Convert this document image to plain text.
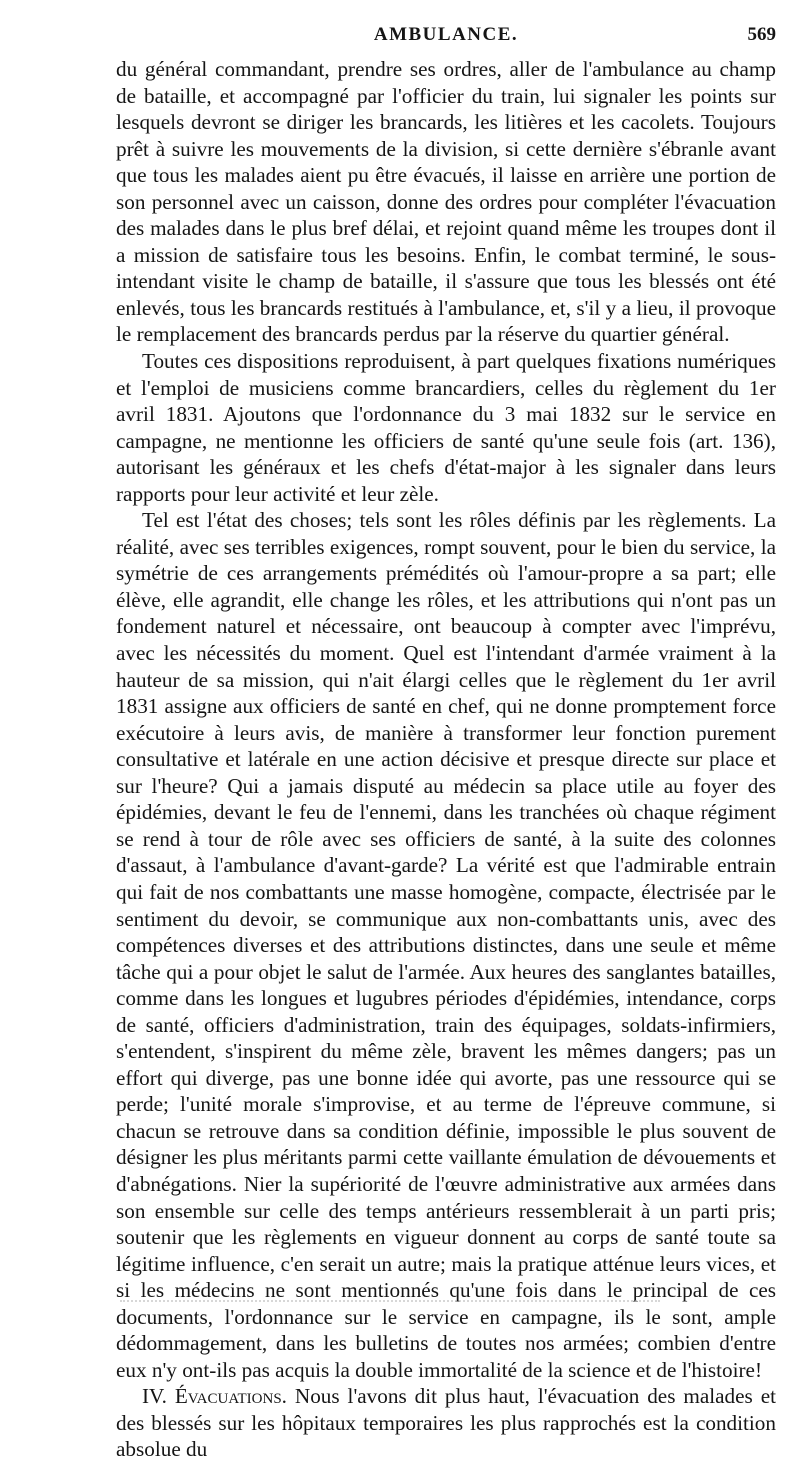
AMBULANCE.	569

du général commandant, prendre ses ordres, aller de l'ambulance au champ de bataille, et accompagné par l'officier du train, lui signaler les points sur lesquels devront se diriger les brancards, les litières et les cacolets. Toujours prêt à suivre les mouvements de la division, si cette dernière s'ébranle avant que tous les malades aient pu être évacués, il laisse en arrière une portion de son personnel avec un caisson, donne des ordres pour compléter l'évacuation des malades dans le plus bref délai, et rejoint quand même les troupes dont il a mission de satisfaire tous les besoins. Enfin, le combat terminé, le sous-intendant visite le champ de bataille, il s'assure que tous les blessés ont été enlevés, tous les brancards restitués à l'ambulance, et, s'il y a lieu, il provoque le remplacement des brancards perdus par la réserve du quartier général.

Toutes ces dispositions reproduisent, à part quelques fixations numériques et l'emploi de musiciens comme brancardiers, celles du règlement du 1er avril 1831. Ajoutons que l'ordonnance du 3 mai 1832 sur le service en campagne, ne mentionne les officiers de santé qu'une seule fois (art. 136), autorisant les généraux et les chefs d'état-major à les signaler dans leurs rapports pour leur activité et leur zèle.

Tel est l'état des choses; tels sont les rôles définis par les règlements. La réalité, avec ses terribles exigences, rompt souvent, pour le bien du service, la symétrie de ces arrangements prémédités où l'amour-propre a sa part; elle élève, elle agrandit, elle change les rôles, et les attributions qui n'ont pas un fondement naturel et nécessaire, ont beaucoup à compter avec l'imprévu, avec les nécessités du moment. Quel est l'intendant d'armée vraiment à la hauteur de sa mission, qui n'ait élargi celles que le règlement du 1er avril 1831 assigne aux officiers de santé en chef, qui ne donne promptement force exécutoire à leurs avis, de manière à transformer leur fonction purement consultative et latérale en une action décisive et presque directe sur place et sur l'heure? Qui a jamais disputé au médecin sa place utile au foyer des épidémies, devant le feu de l'ennemi, dans les tranchées où chaque régiment se rend à tour de rôle avec ses officiers de santé, à la suite des colonnes d'assaut, à l'ambulance d'avant-garde? La vérité est que l'admirable entrain qui fait de nos combattants une masse homogène, compacte, électrisée par le sentiment du devoir, se communique aux non-combattants unis, avec des compétences diverses et des attributions distinctes, dans une seule et même tâche qui a pour objet le salut de l'armée. Aux heures des sanglantes batailles, comme dans les longues et lugubres périodes d'épidémies, intendance, corps de santé, officiers d'administration, train des équipages, soldats-infirmiers, s'entendent, s'inspirent du même zèle, bravent les mêmes dangers; pas un effort qui diverge, pas une bonne idée qui avorte, pas une ressource qui se perde; l'unité morale s'improvise, et au terme de l'épreuve commune, si chacun se retrouve dans sa condition définie, impossible le plus souvent de désigner les plus méritants parmi cette vaillante émulation de dévouements et d'abnégations. Nier la supériorité de l'œuvre administrative aux armées dans son ensemble sur celle des temps antérieurs ressemblerait à un parti pris; soutenir que les règlements en vigueur donnent au corps de santé toute sa légitime influence, c'en serait un autre; mais la pratique atténue leurs vices, et si les médecins ne sont mentionnés qu'une fois dans le principal de ces documents, l'ordonnance sur le service en campagne, ils le sont, ample dédommagement, dans les bulletins de toutes nos armées; combien d'entre eux n'y ont-ils pas acquis la double immortalité de la science et de l'histoire!

IV. Évacuations. Nous l'avons dit plus haut, l'évacuation des malades et des blessés sur les hôpitaux temporaires les plus rapprochés est la condition absolue du
